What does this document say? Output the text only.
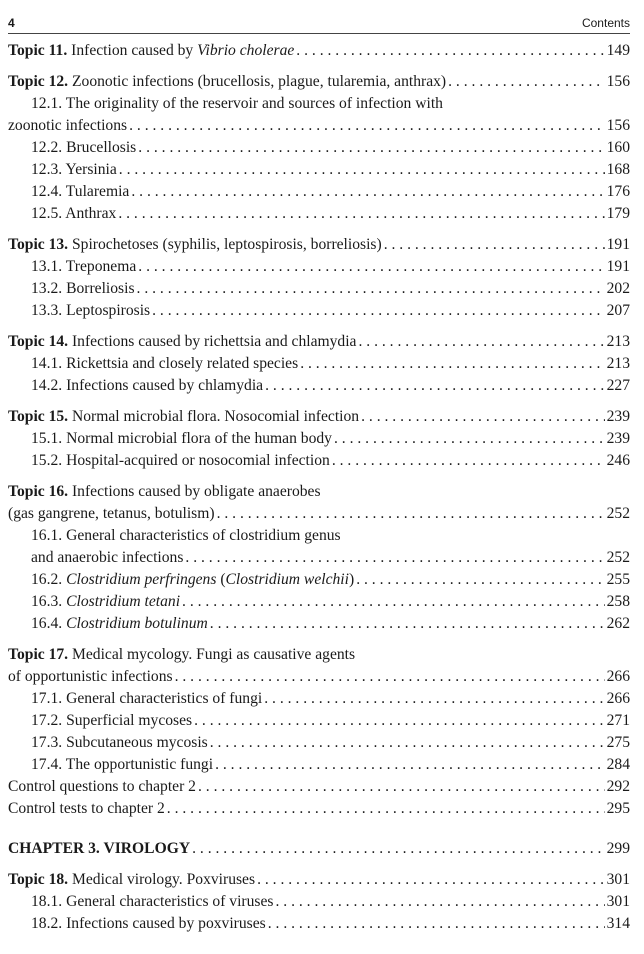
4	Contents
Topic 11. Infection caused by Vibrio cholerae . . .	149
Topic 12. Zoonotic infections (brucellosis, plague, tularemia, anthrax) . . .	156
12.1. The originality of the reservoir and sources of infection with
zoonotic infections . . .	156
12.2. Brucellosis . . .	160
12.3. Yersinia . . .	168
12.4. Tularemia . . .	176
12.5. Anthrax . . .	179
Topic 13. Spirochetoses (syphilis, leptospirosis, borreliosis) . . .	191
13.1. Treponema . . .	191
13.2. Borreliosis . . .	202
13.3. Leptospirosis . . .	207
Topic 14. Infections caused by richettsia and chlamydia . . .	213
14.1. Rickettsia and closely related species . . .	213
14.2. Infections caused by chlamydia . . .	227
Topic 15. Normal microbial flora. Nosocomial infection . . .	239
15.1. Normal microbial flora of the human body . . .	239
15.2. Hospital-acquired or nosocomial infection . . .	246
Topic 16. Infections caused by obligate anaerobes
(gas gangrene, tetanus, botulism) . . .	252
16.1. General characteristics of clostridium genus
and anaerobic infections . . .	252
16.2. Clostridium perfringens (Clostridium welchii) . . .	255
16.3. Clostridium tetani . . .	258
16.4. Clostridium botulinum . . .	262
Topic 17. Medical mycology. Fungi as causative agents
of opportunistic infections . . .	266
17.1. General characteristics of fungi . . .	266
17.2. Superficial mycoses . . .	271
17.3. Subcutaneous mycosis . . .	275
17.4. The opportunistic fungi . . .	284
Control questions to chapter 2 . . .	292
Control tests to chapter 2 . . .	295
CHAPTER 3. VIROLOGY . . .	299
Topic 18. Medical virology. Poxviruses . . .	301
18.1. General characteristics of viruses . . .	301
18.2. Infections caused by poxviruses . . .	314
